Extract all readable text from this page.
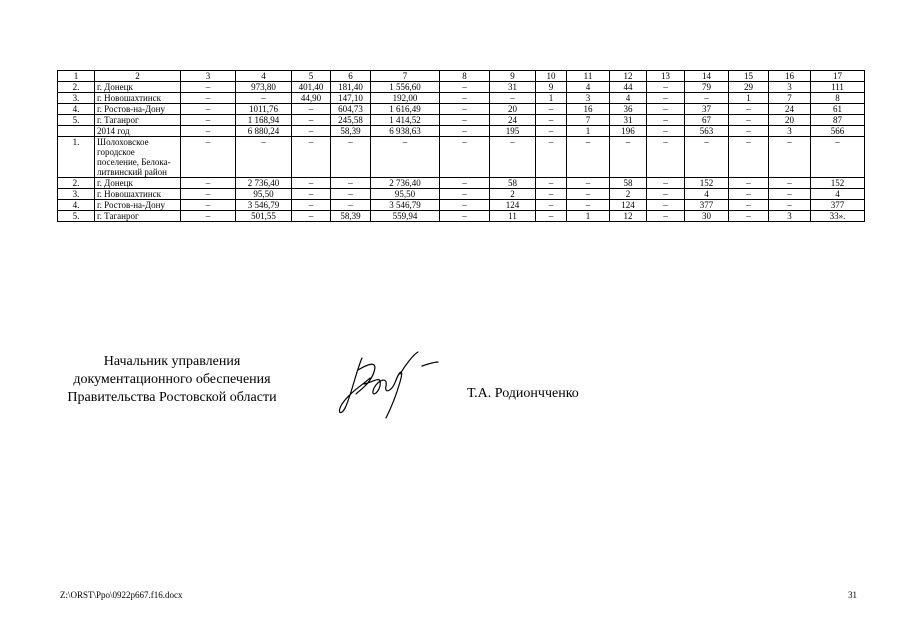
1	2	3	4	5	6	7	8	9	10	11	12	13	14	15	16	17
2.	г. Донецк	–	973,80	401,40	181,40	1 556,60	–	31	9	4	44	–	79	29	3	111
3.	г. Новошахтинск	–	–	44,90	147,10	192,00	–	–	1	3	4	–	–	1	7	8
4.	г. Ростов-на-Дону	–	1011,76	–	604,73	1 616,49	–	20	–	16	36	–	37	–	24	61
5.	г. Таганрог	–	1 168,94	–	245,58	1 414,52	–	24	–	7	31	–	67	–	20	87
	2014 год	–	6 880,24	–	58,39	6 938,63	–	195	–	1	196	–	563	–	3	566
1.	Шолоховское городское поселение, Белока-литвинский район	–	–	–	–	–	–	–	–	–	–	–	–	–	–	–
2.	г. Донецк	–	2 736,40	–	–	2 736,40	–	58	–	–	58	–	152	–	–	152
3.	г. Новошахтинск	–	95,50	–	–	95,50	–	2	–	–	2	–	4	–	–	4
4.	г. Ростов-на-Дону	–	3 546,79	–	–	3 546,79	–	124	–	–	124	–	377	–	–	377
5.	г. Таганрог	–	501,55	–	58,39	559,94	–	11	–	1	12	–	30	–	3	33».
Начальник управления
документационного обеспечения
Правительства Ростовской области	Т.А. Родиончченко
Z:\ORST\Ppo\0922p667.f16.docx	31
